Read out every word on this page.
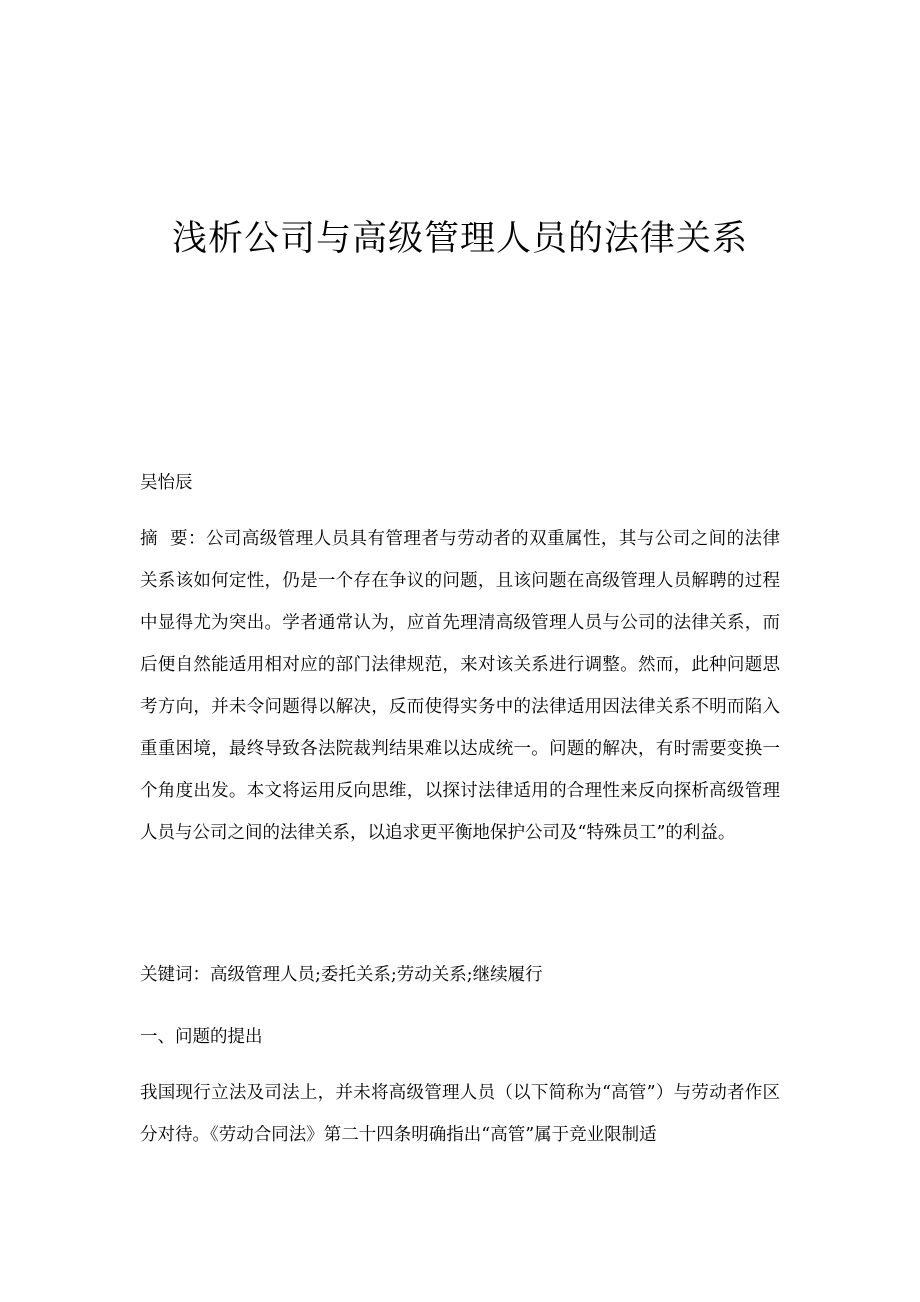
浅析公司与高级管理人员的法律关系

吴怡辰

摘  要：公司高级管理人员具有管理者与劳动者的双重属性，其与公司之间的法律关系该如何定性，仍是一个存在争议的问题，且该问题在高级管理人员解聘的过程中显得尤为突出。学者通常认为，应首先理清高级管理人员与公司的法律关系，而后便自然能适用相对应的部门法律规范，来对该关系进行调整。然而，此种问题思考方向，并未令问题得以解决，反而使得实务中的法律适用因法律关系不明而陷入重重困境，最终导致各法院裁判结果难以达成统一。问题的解决，有时需要变换一个角度出发。本文将运用反向思维，以探讨法律适用的合理性来反向探析高级管理人员与公司之间的法律关系，以追求更平衡地保护公司及“特殊员工”的利益。

关键词：高级管理人员;委托关系;劳动关系;继续履行

一、问题的提出

我国现行立法及司法上，并未将高级管理人员（以下简称为“高管”）与劳动者作区分对待。《劳动合同法》第二十四条明确指出“高管”属于竞业限制适
